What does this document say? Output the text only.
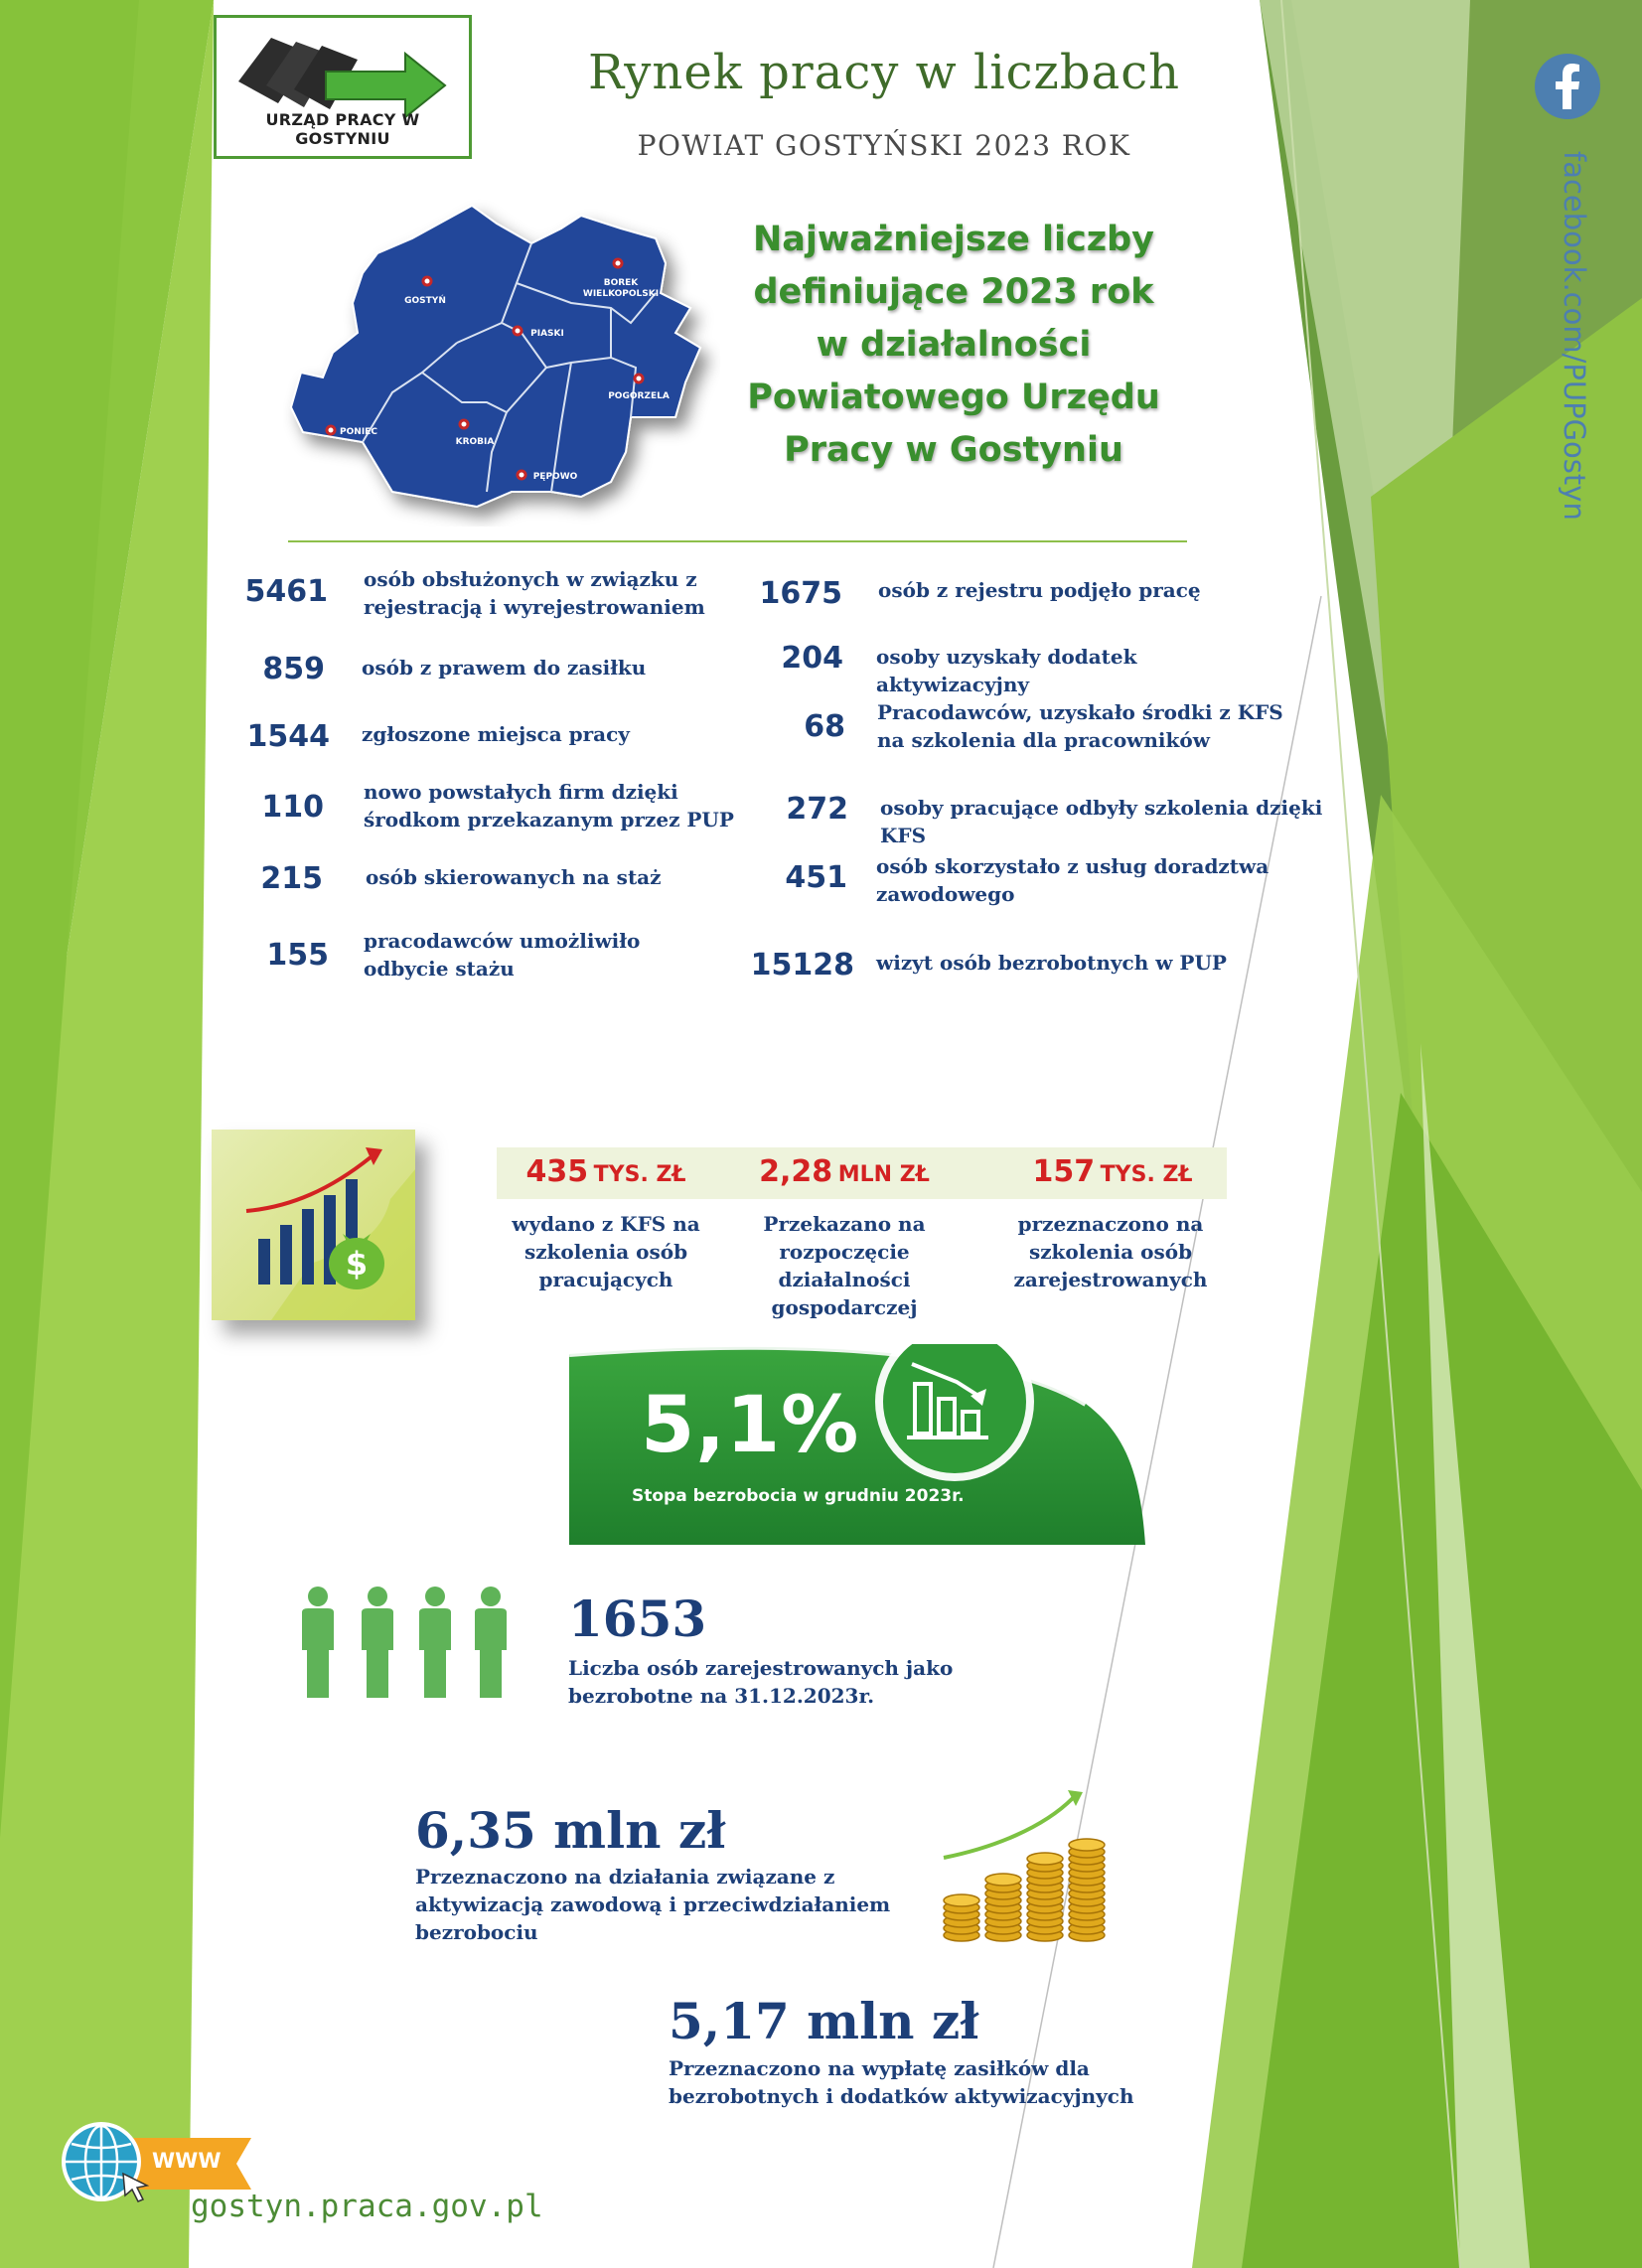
URZĄD PRACY W GOSTYNIU
Rynek pracy w liczbach
POWIAT GOSTYŃSKI 2023 ROK
facebook.com/PUPGostyn
GOSTYŃ
BOREK WIELKOPOLSKI
PIASKI
POGORZELA
PONIEC
KROBIA
PĘPOWO
Najważniejsze liczby definiujące 2023 rok w działalności Powiatowego Urzędu Pracy w Gostyniu
5461 osób obsłużonych w związku z rejestracją i wyrejestrowaniem
859 osób z prawem do zasiłku
1544 zgłoszone miejsca pracy
110 nowo powstałych firm dzięki środkom przekazanym przez PUP
215 osób skierowanych na staż
155 pracodawców umożliwiło odbycie stażu
1675 osób z rejestru podjęło pracę
204 osoby uzyskały dodatek aktywizacyjny
68 Pracodawców, uzyskało środki z KFS na szkolenia dla pracowników
272 osoby pracujące odbyły szkolenia dzięki KFS
451 osób skorzystało z usług doradztwa zawodowego
15128 wizyt osób bezrobotnych w PUP
$
435 TYS. ZŁ
wydano z KFS na szkolenia osób pracujących
2,28 MLN ZŁ
Przekazano na rozpoczęcie działalności gospodarczej
157 TYS. ZŁ
przeznaczono na szkolenia osób zarejestrowanych
5,1%
Stopa bezrobocia w grudniu 2023r.
1653
Liczba osób zarejestrowanych jako bezrobotne na 31.12.2023r.
6,35 mln zł
Przeznaczono na działania związane z aktywizacją zawodową i przeciwdziałaniem bezrobociu
5,17 mln zł
Przeznaczono na wypłatę zasiłków dla bezrobotnych i dodatków aktywizacyjnych
WWW
gostyn.praca.gov.pl
